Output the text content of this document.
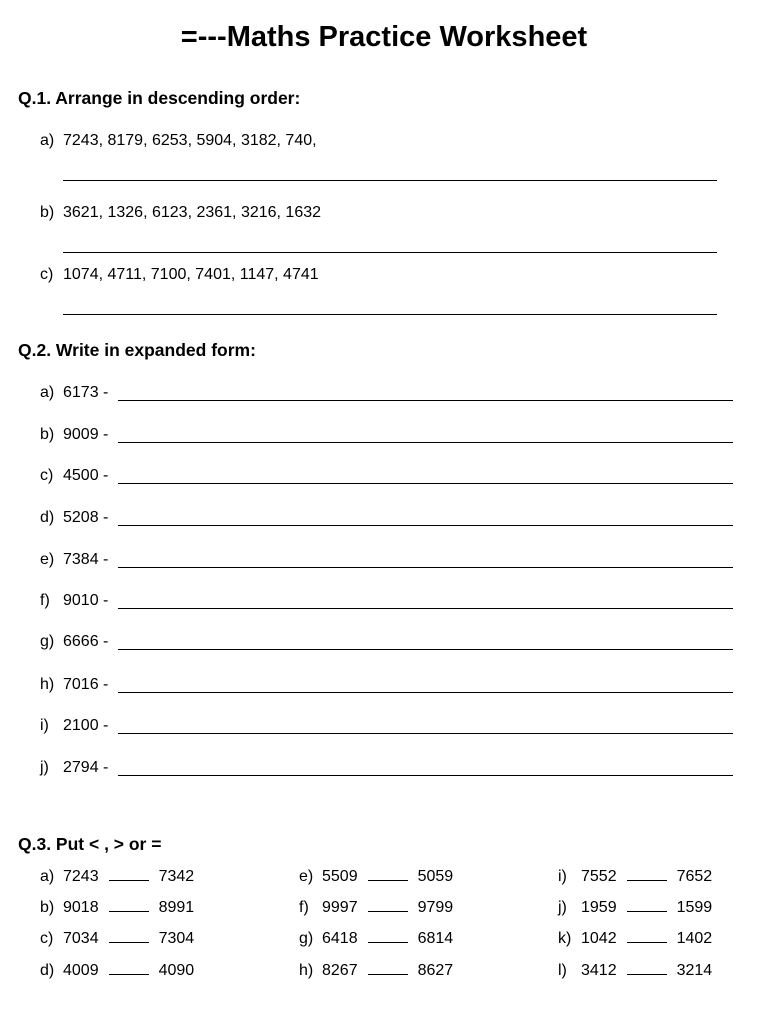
=---Maths Practice Worksheet
Q.1. Arrange in descending order:
a) 7243, 8179, 6253, 5904, 3182, 740,
b) 3621, 1326, 6123, 2361, 3216, 1632
c) 1074, 4711, 7100, 7401, 1147, 4741
Q.2. Write in expanded form:
a) 6173 -
b) 9009 -
c) 4500 -
d) 5208 -
e) 7384 -
f) 9010 -
g) 6666 -
h) 7016 -
i) 2100 -
j) 2794 -
Q.3. Put < , > or =
a) 7243	7342
b) 9018	8991
c) 7034	7304
d) 4009	4090
e) 5509	5059
f) 9997	9799
g) 6418	6814
h) 8267	8627
i) 7552	7652
j) 1959	1599
k) 1042	1402
l) 3412	3214
